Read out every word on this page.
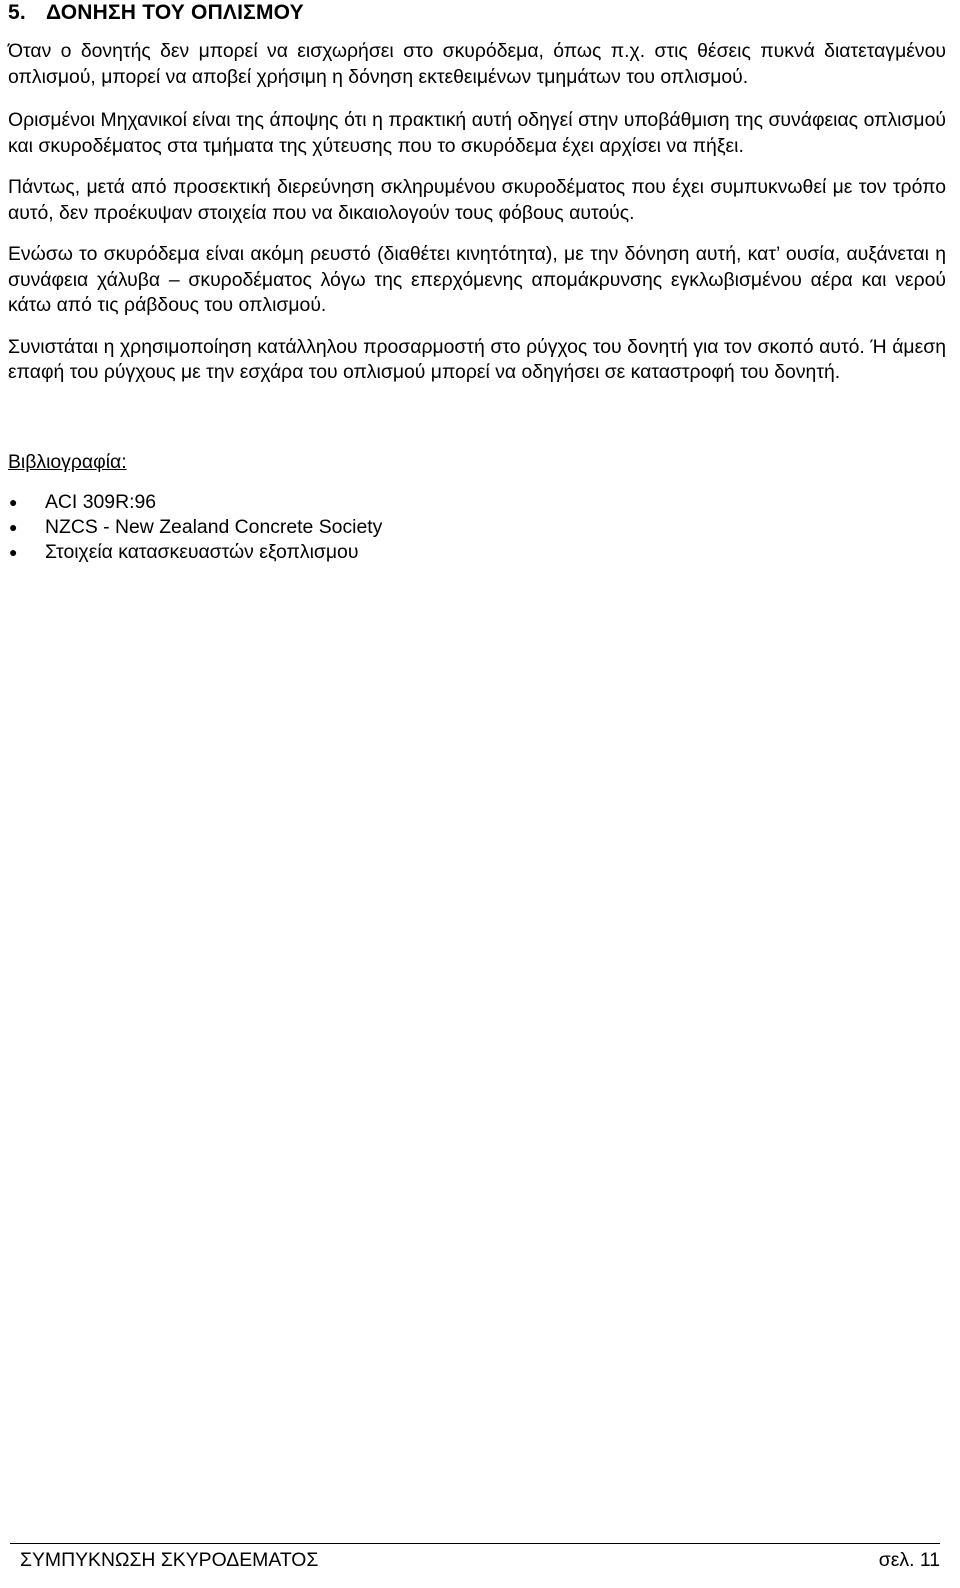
5. ΔΟΝΗΣΗ ΤΟΥ ΟΠΛΙΣΜΟΥ

Όταν ο δονητής δεν μπορεί να εισχωρήσει στο σκυρόδεμα, όπως π.χ. στις θέσεις πυκνά διατεταγμένου οπλισμού, μπορεί να αποβεί χρήσιμη η δόνηση εκτεθειμένων τμημάτων του οπλισμού.

Ορισμένοι Μηχανικοί είναι της άποψης ότι η πρακτική αυτή οδηγεί στην υποβάθμιση της συνάφειας οπλισμού και σκυροδέματος στα τμήματα της χύτευσης που το σκυρόδεμα έχει αρχίσει να πήξει.

Πάντως, μετά από προσεκτική διερεύνηση σκληρυμένου σκυροδέματος που έχει συμπυκνωθεί με τον τρόπο αυτό, δεν προέκυψαν στοιχεία που να δικαιολογούν τους φόβους αυτούς.

Ενώσω το σκυρόδεμα είναι ακόμη ρευστό (διαθέτει κινητότητα), με την δόνηση αυτή, κατ’ ουσία, αυξάνεται η συνάφεια χάλυβα – σκυροδέματος λόγω της επερχόμενης απομάκρυνσης εγκλωβισμένου αέρα και νερού κάτω από τις ράβδους του οπλισμού.

Συνιστάται η χρησιμοποίηση κατάλληλου προσαρμοστή στο ρύγχος του δονητή για τον σκοπό αυτό. Ή άμεση επαφή του ρύγχους με την εσχάρα του οπλισμού μπορεί να οδηγήσει σε καταστροφή του δονητή.

Βιβλιογραφία:
●	ACI 309R:96
●	NZCS - New Zealand Concrete Society
●	Στοιχεία κατασκευαστών εξοπλισμου
ΣΥΜΠΥΚΝΩΣΗ ΣΚΥΡΟΔΕΜΑΤΟΣ	σελ. 11
